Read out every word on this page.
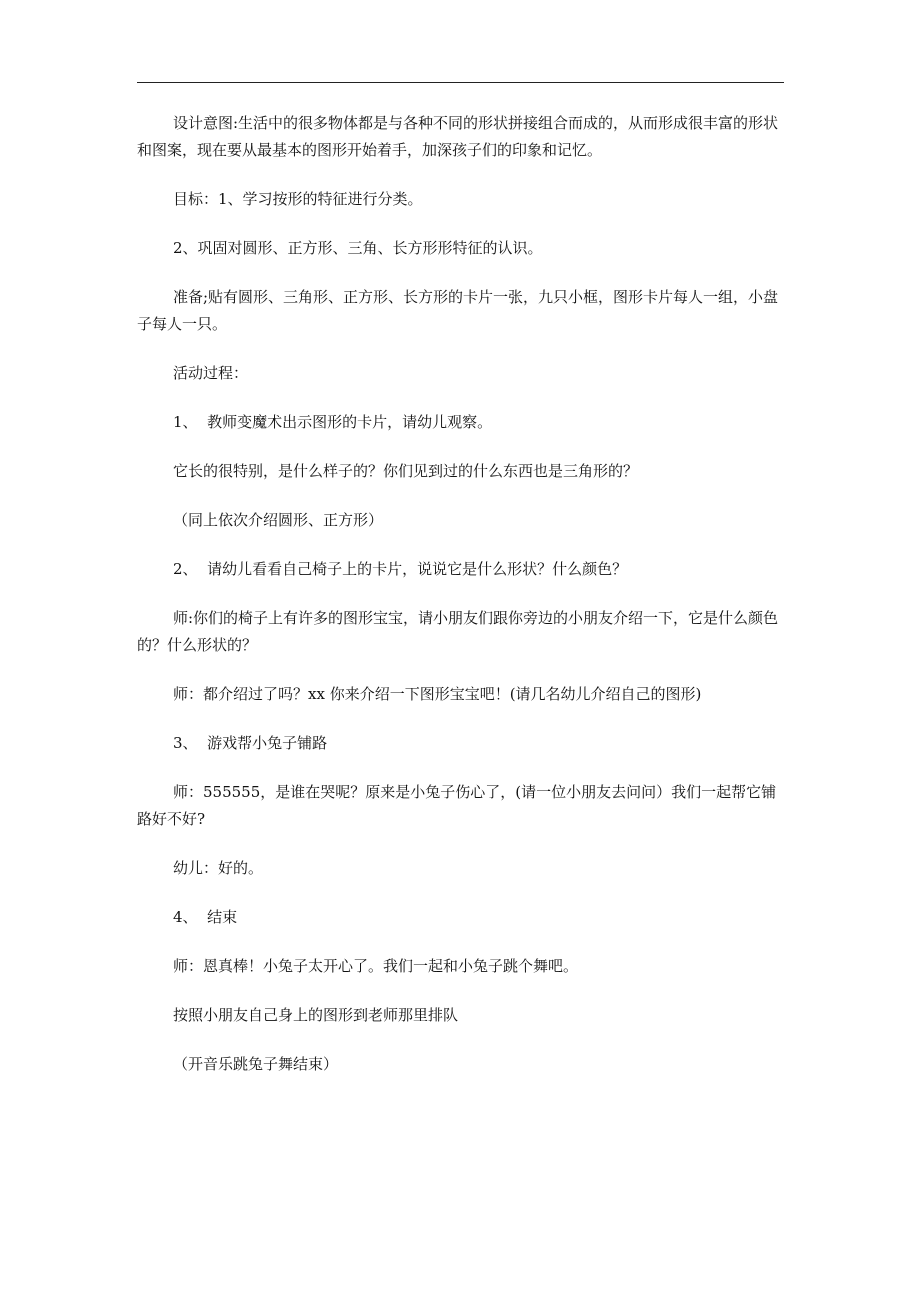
设计意图:生活中的很多物体都是与各种不同的形状拼接组合而成的，从而形成很丰富的形状和图案，现在要从最基本的图形开始着手，加深孩子们的印象和记忆。

目标：1、学习按形的特征进行分类。

2、巩固对圆形、正方形、三角、长方形形特征的认识。

准备;贴有圆形、三角形、正方形、长方形的卡片一张，九只小框，图形卡片每人一组，小盘子每人一只。

活动过程：

1、  教师变魔术出示图形的卡片，请幼儿观察。

它长的很特别，是什么样子的？你们见到过的什么东西也是三角形的？

（同上依次介绍圆形、正方形）

2、  请幼儿看看自己椅子上的卡片，说说它是什么形状？什么颜色？

师:你们的椅子上有许多的图形宝宝，请小朋友们跟你旁边的小朋友介绍一下，它是什么颜色的？什么形状的？

师：都介绍过了吗？xx 你来介绍一下图形宝宝吧！(请几名幼儿介绍自己的图形)

3、  游戏帮小兔子铺路

师：555555，是谁在哭呢？原来是小兔子伤心了，(请一位小朋友去问问）我们一起帮它铺路好不好?

幼儿：好的。

4、  结束

师：恩真棒！小兔子太开心了。我们一起和小兔子跳个舞吧。

按照小朋友自己身上的图形到老师那里排队

（开音乐跳兔子舞结束）
